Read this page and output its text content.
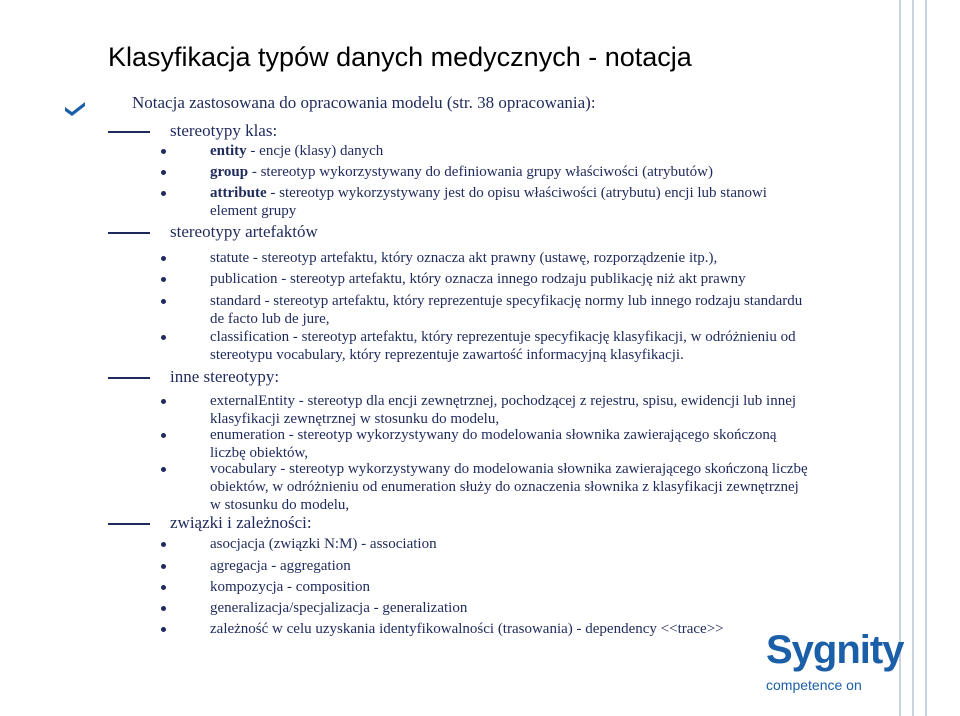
Klasyfikacja typów danych medycznych - notacja
Notacja zastosowana do opracowania modelu (str. 38 opracowania):
stereotypy klas:
entity - encje (klasy) danych
group - stereotyp wykorzystywany do definiowania grupy właściwości (atrybutów)
attribute - stereotyp wykorzystywany jest do opisu właściwości (atrybutu) encji lub stanowi
element grupy
stereotypy artefaktów
statute - stereotyp artefaktu, który oznacza akt prawny (ustawę, rozporządzenie itp.),
publication - stereotyp artefaktu, który oznacza innego rodzaju publikację niż akt prawny
standard - stereotyp artefaktu, który reprezentuje specyfikację normy lub innego rodzaju standardu
de facto lub de jure,
classification - stereotyp artefaktu, który reprezentuje specyfikację klasyfikacji, w odróżnieniu od
stereotypu vocabulary, który reprezentuje zawartość informacyjną klasyfikacji.
inne stereotypy:
externalEntity - stereotyp dla encji zewnętrznej, pochodzącej z rejestru, spisu, ewidencji lub innej
klasyfikacji zewnętrznej w stosunku do modelu,
enumeration - stereotyp wykorzystywany do modelowania słownika zawierającego skończoną
liczbę obiektów,
vocabulary - stereotyp wykorzystywany do modelowania słownika zawierającego skończoną liczbę
obiektów, w odróżnieniu od enumeration służy do oznaczenia słownika z klasyfikacji zewnętrznej
w stosunku do modelu,
związki i zależności:
asocjacja (związki N:M) - association
agregacja - aggregation
kompozycja - composition
generalizacja/specjalizacja - generalization
zależność w celu uzyskania identyfikowalności (trasowania) - dependency <<trace>> Sygnity
competence on
